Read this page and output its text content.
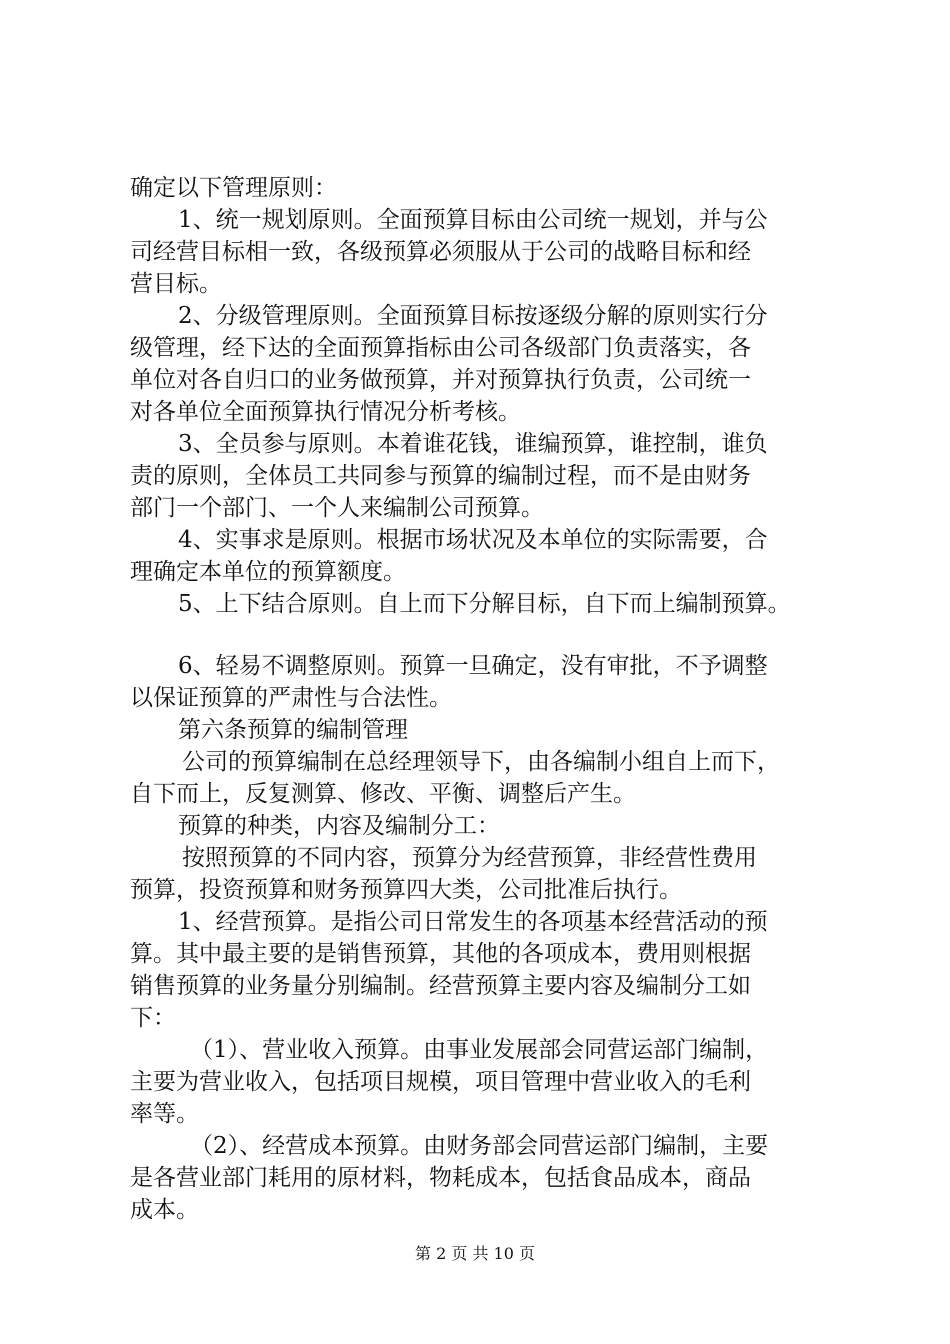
确定以下管理原则：
1、统一规划原则。全面预算目标由公司统一规划，并与公
司经营目标相一致，各级预算必须服从于公司的战略目标和经
营目标。
2、分级管理原则。全面预算目标按逐级分解的原则实行分
级管理，经下达的全面预算指标由公司各级部门负责落实，各
单位对各自归口的业务做预算，并对预算执行负责，公司统一
对各单位全面预算执行情况分析考核。
3、全员参与原则。本着谁花钱，谁编预算，谁控制，谁负
责的原则，全体员工共同参与预算的编制过程，而不是由财务
部门一个部门、一个人来编制公司预算。
4、实事求是原则。根据市场状况及本单位的实际需要，合
理确定本单位的预算额度。
5、上下结合原则。自上而下分解目标，自下而上编制预算。
6、轻易不调整原则。预算一旦确定，没有审批，不予调整
以保证预算的严肃性与合法性。
第六条预算的编制管理
公司的预算编制在总经理领导下，由各编制小组自上而下，
自下而上，反复测算、修改、平衡、调整后产生。
预算的种类，内容及编制分工：
按照预算的不同内容，预算分为经营预算，非经营性费用
预算，投资预算和财务预算四大类，公司批准后执行。
1、经营预算。是指公司日常发生的各项基本经营活动的预
算。其中最主要的是销售预算，其他的各项成本，费用则根据
销售预算的业务量分别编制。经营预算主要内容及编制分工如
下：
（1）、营业收入预算。由事业发展部会同营运部门编制，
主要为营业收入，包括项目规模，项目管理中营业收入的毛利
率等。
（2）、经营成本预算。由财务部会同营运部门编制，主要
是各营业部门耗用的原材料，物耗成本，包括食品成本，商品
成本。
第 2 页 共 10 页
